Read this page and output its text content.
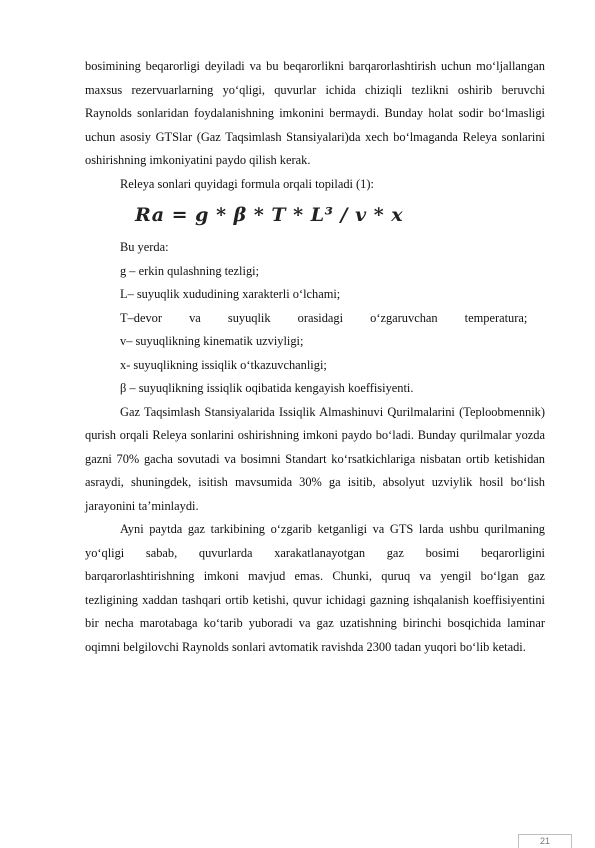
bosimining beqarorligi deyiladi va bu beqarorlikni barqarorlashtirish uchun mo‘ljallangan maxsus rezervuarlarning yo‘qligi, quvurlar ichida chiziqli tezlikni oshirib beruvchi Raynolds sonlaridan foydalanishning imkonini bermaydi. Bunday holat sodir bo‘lmasligi uchun asosiy GTSlar (Gaz Taqsimlash Stansiyalari)da xech bo‘lmaganda Releya sonlarini oshirishning imkoniyatini paydo qilish kerak.

Releya sonlari quyidagi formula orqali topiladi (1):

Ra = g * β * T * L³ / v * x

Bu yerda:

g – erkin qulashning tezligi;

L– suyuqlik xududining xarakterli o‘lchami;

T–devor va suyuqlik orasidagi o‘zgaruvchan temperatura;

v– suyuqlikning kinematik uzviyligi;

x- suyuqlikning issiqlik o‘tkazuvchanligi;

β – suyuqlikning issiqlik oqibatida kengayish koeffisiyenti.

Gaz Taqsimlash Stansiyalarida Issiqlik Almashinuvi Qurilmalarini (Teploobmennik) qurish orqali Releya sonlarini oshirishning imkoni paydo bo‘ladi. Bunday qurilmalar yozda gazni 70% gacha sovutadi va bosimni Standart ko‘rsatkichlariga nisbatan ortib ketishidan asraydi, shuningdek, isitish mavsumida 30% ga isitib, absolyut uzviylik hosil bo‘lish jarayonini ta’minlaydi.

Ayni paytda gaz tarkibining o‘zgarib ketganligi va GTS larda ushbu qurilmaning yo‘qligi sabab, quvurlarda xarakatlanayotgan gaz bosimi beqarorligini barqarorlashtirishning imkoni mavjud emas. Chunki, quruq va yengil bo‘lgan gaz tezligining xaddan tashqari ortib ketishi, quvur ichidagi gazning ishqalanish koeffisiyentini bir necha marotabaga ko‘tarib yuboradi va gaz uzatishning birinchi bosqichida laminar oqimni belgilovchi Raynolds sonlari avtomatik ravishda 2300 tadan yuqori bo‘lib ketadi.

21
